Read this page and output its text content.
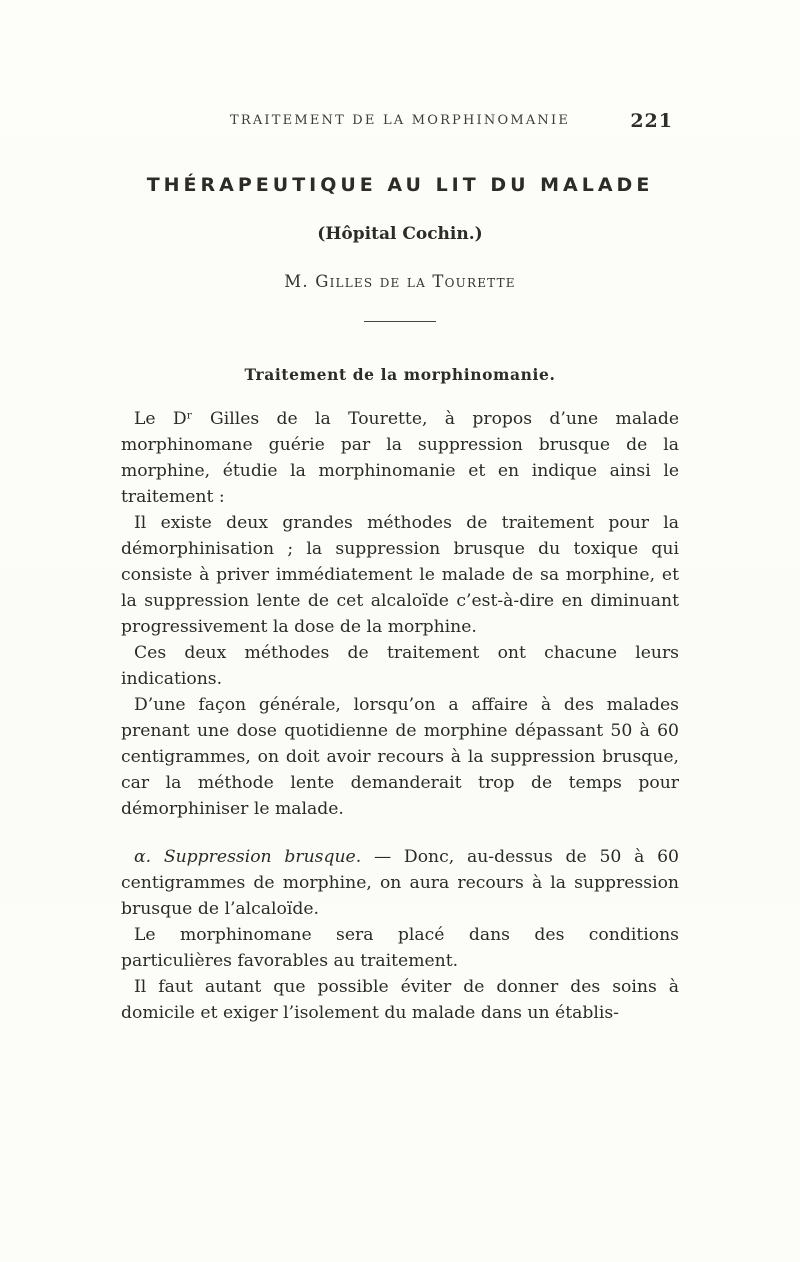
TRAITEMENT DE LA MORPHINOMANIE	221
THÉRAPEUTIQUE AU LIT DU MALADE
(Hôpital Cochin.)
M. Gilles de la Tourette
Traitement de la morphinomanie.

Le Dʳ Gilles de la Tourette, à propos d’une malade morphinomane guérie par la suppression brusque de la morphine, étudie la morphinomanie et en indique ainsi le traitement :

Il existe deux grandes méthodes de traitement pour la démorphinisation ; la suppression brusque du toxique qui consiste à priver immédiatement le malade de sa morphine, et la suppression lente de cet alcaloïde c’est-à-dire en diminuant progressivement la dose de la morphine.

Ces deux méthodes de traitement ont chacune leurs indications.

D’une façon générale, lorsqu’on a affaire à des malades prenant une dose quotidienne de morphine dépassant 50 à 60 centigrammes, on doit avoir recours à la suppression brusque, car la méthode lente demanderait trop de temps pour démorphiniser le malade.

α. Suppression brusque. — Donc, au-dessus de 50 à 60 centigrammes de morphine, on aura recours à la suppression brusque de l’alcaloïde.

Le morphinomane sera placé dans des conditions particulières favorables au traitement.

Il faut autant que possible éviter de donner des soins à domicile et exiger l’isolement du malade dans un établis-
